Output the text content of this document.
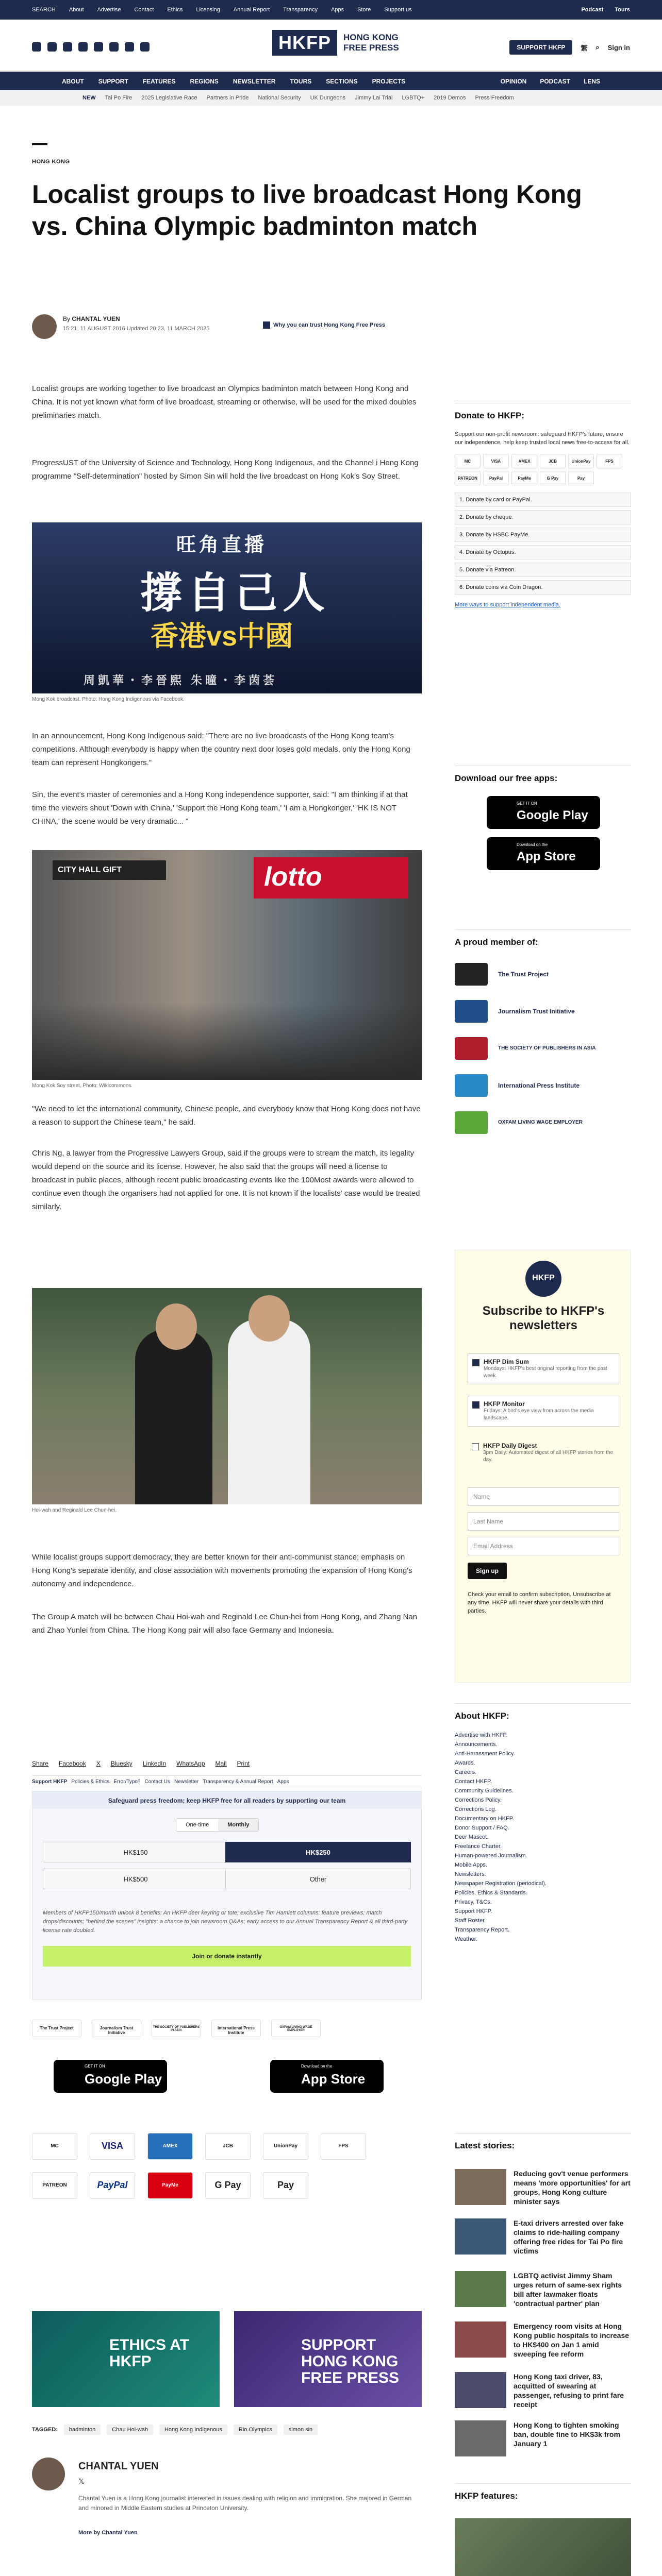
SEARCH About Advertise Contact Ethics Licensing Annual Report Transparency Apps Store Support us	Podcast Tours
HKFP	HONG KONG
FREE PRESS	SUPPORT HKFP	繁 ⌕ Sign in
ABOUT SUPPORT FEATURES REGIONS NEWSLETTER TOURS SECTIONS PROJECTS	OPINION PODCAST LENS
NEW Tai Po Fire 2025 Legislative Race Partners in Pride National Security UK Dungeons Jimmy Lai Trial LGBTQ+ 2019 Demos Press Freedom
HONG KONG
Localist groups to live broadcast Hong Kong vs. China Olympic badminton match
By CHANTAL YUEN
15:21, 11 AUGUST 2016 Updated 20:23, 11 MARCH 2025
Why you can trust Hong Kong Free Press

Localist groups are working together to live broadcast an Olympics badminton match between Hong Kong and China. It is not yet known what form of live broadcast, streaming or otherwise, will be used for the mixed doubles preliminaries match.

ProgressUST of the University of Science and Technology, Hong Kong Indigenous, and the Channel i Hong Kong programme "Self-determination" hosted by Simon Sin will hold the live broadcast on Hong Kok's Soy Street.

旺角直播
撐自己人
香港vs中國
周凱華・李晉熙 朱曈・李茵荟
Mong Kok broadcast. Photo: Hong Kong Indigenous via Facebook.

In an announcement, Hong Kong Indigenous said: "There are no live broadcasts of the Hong Kong team's competitions. Although everybody is happy when the country next door loses gold medals, only the Hong Kong team can represent Hongkongers."

Sin, the event's master of ceremonies and a Hong Kong independence supporter, said: "I am thinking if at that time the viewers shout 'Down with China,' 'Support the Hong Kong team,' 'I am a Hongkonger,' 'HK IS NOT CHINA,' the scene would be very dramatic... "

CITY HALL GIFT	lotto
Mong Kok Soy street. Photo: Wikicommons.

"We need to let the international community, Chinese people, and everybody know that Hong Kong does not have a reason to support the Chinese team," he said.

Chris Ng, a lawyer from the Progressive Lawyers Group, said if the groups were to stream the match, its legality would depend on the source and its license. However, he also said that the groups will need a license to broadcast in public places, although recent public broadcasting events like the 100Most awards were allowed to continue even though the organisers had not applied for one. It is not known if the localists' case would be treated similarly.

Hoi-wah and Reginald Lee Chun-hei.

While localist groups support democracy, they are better known for their anti-communist stance; emphasis on Hong Kong's separate identity, and close association with movements promoting the expansion of Hong Kong's autonomy and independence.

The Group A match will be between Chau Hoi-wah and Reginald Lee Chun-hei from Hong Kong, and Zhang Nan and Zhao Yunlei from China. The Hong Kong pair will also face Germany and Indonesia.

Share Facebook X Bluesky LinkedIn WhatsApp Mail Print
Support HKFP Policies & Ethics Error/Typo? Contact Us Newsletter Transparency & Annual Report Apps
Safeguard press freedom; keep HKFP free for all readers by supporting our team
One-time	Monthly
HK$150	HK$250
HK$500	Other
Members of HKFP150/month unlock 8 benefits: An HKFP deer keyring or tote; exclusive Tim Hamlett columns; feature previews; match drops/discounts; "behind the scenes" insights; a chance to join newsroom Q&As; early access to our Annual Transparency Report & all third-party license rate doubled.
Join or donate instantly
The Trust Project	Journalism Trust Initiative
THE SOCIETY OF PUBLISHERS IN ASIA	International Press Institute
OXFAM LIVING WAGE EMPLOYER
GET IT ON
Google Play
Download on the
App Store
MC	VISA	AMEX	JCB	UnionPay	FPS
PATREON	PayPal	PayMe	G Pay	Pay
ETHICS AT HKFP
SUPPORT HONG KONG FREE PRESS
TAGGED:	badminton	Chau Hoi-wah	Hong Kong Indigenous	Rio Olympics	simon sin
CHANTAL YUEN
𝕏
Chantal Yuen is a Hong Kong journalist interested in issues dealing with religion and immigration. She majored in German and minored in Middle Eastern studies at Princeton University.
More by Chantal Yuen
Donate to HKFP:
Support our non-profit newsroom: safeguard HKFP's future, ensure our independence, help keep trusted local news free-to-access for all.
MC	VISA	AMEX	JCB	UnionPay	FPS
PATREON	PayPal	PayMe	G Pay	Pay
1. Donate by card or PayPal.
2. Donate by cheque.
3. Donate by HSBC PayMe.
4. Donate by Octopus.
5. Donate via Patreon.
6. Donate coins via Coin Dragon.
More ways to support independent media.
Download our free apps:
GET IT ON
Google Play
Download on the
App Store
A proud member of:
The Trust Project
Journalism Trust Initiative
THE SOCIETY OF PUBLISHERS IN ASIA
International Press Institute
OXFAM LIVING WAGE EMPLOYER
HKFP
Subscribe to HKFP's newsletters
HKFP Dim Sum
Mondays: HKFP's best original reporting from the past week.
HKFP Monitor
Fridays: A bird's eye view from across the media landscape.
HKFP Daily Digest
3pm Daily: Automated digest of all HKFP stories from the day.
Name
Last Name
Email Address
Sign up
Check your email to confirm subscription. Unsubscribe at any time. HKFP will never share your details with third parties.
About HKFP:
Advertise with HKFP.
Announcements.
Anti-Harassment Policy.
Awards.
Careers.
Contact HKFP.
Community Guidelines.
Corrections Policy.
Corrections Log.
Documentary on HKFP.
Donor Support / FAQ.
Deer Mascot.
Freelance Charter.
Human-powered Journalism.
Mobile Apps.
Newsletters.
Newspaper Registration (periodical).
Policies, Ethics & Standards.
Privacy, T&Cs.
Support HKFP.
Staff Roster.
Transparency Report.
Weather.
Latest stories:
Reducing gov't venue performers means 'more opportunities' for art groups, Hong Kong culture minister says
E-taxi drivers arrested over fake claims to ride-hailing company offering free rides for Tai Po fire victims
LGBTQ activist Jimmy Sham urges return of same-sex rights bill after lawmaker floats 'contractual partner' plan
Emergency room visits at Hong Kong public hospitals to increase to HK$400 on Jan 1 amid sweeping fee reform
Hong Kong taxi driver, 83, acquitted of swearing at passenger, refusing to print fare receipt
Hong Kong to tighten smoking ban, double fine to HK$3k from January 1
HKFP features:
